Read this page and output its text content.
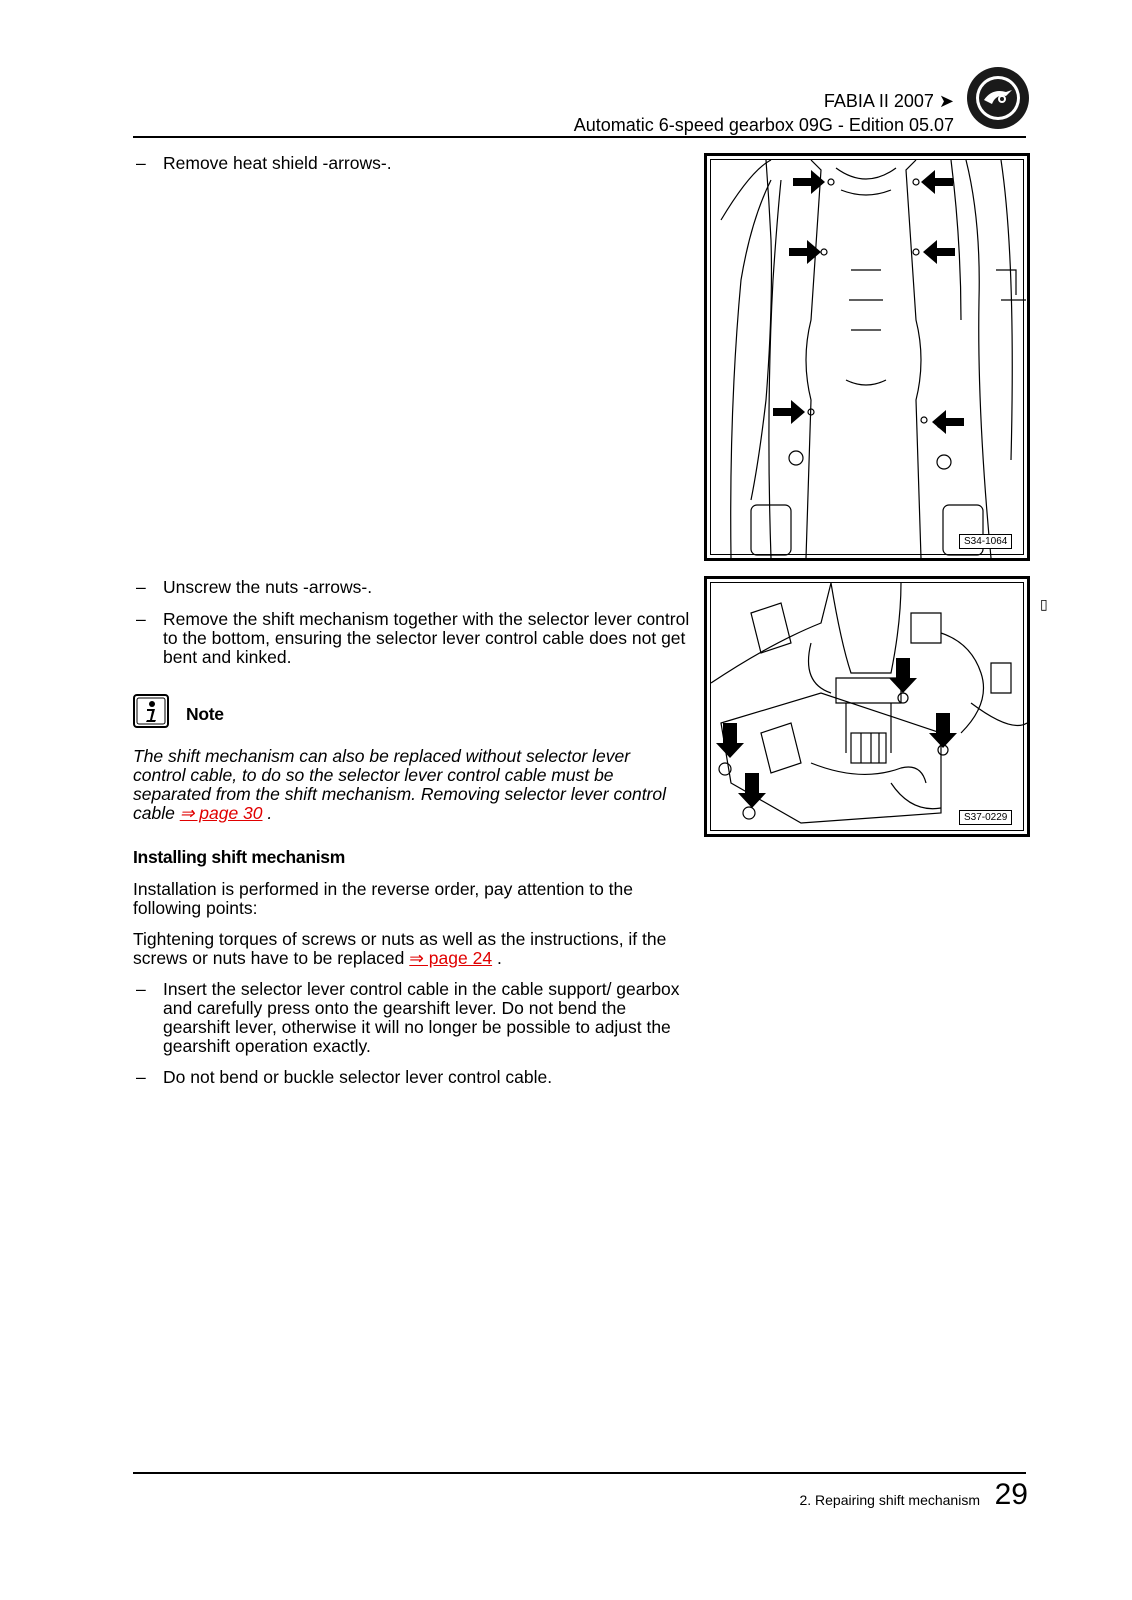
FABIA II 2007 ➤
Automatic 6-speed gearbox 09G - Edition 05.07
– Remove heat shield -arrows-.
S34-1064
– Unscrew the nuts -arrows-.
– Remove the shift mechanism together with the selector lever control to the bottom, ensuring the selector lever control cable does not get bent and kinked.
S37-0229
▯
Note
The shift mechanism can also be replaced without selector lever control cable, to do so the selector lever control cable must be separated from the shift mechanism. Removing selector lever control cable ⇒ page 30 .
Installing shift mechanism
Installation is performed in the reverse order, pay attention to the following points:
Tightening torques of screws or nuts as well as the instructions, if the screws or nuts have to be replaced ⇒ page 24 .
– Insert the selector lever control cable in the cable support/ gearbox and carefully press onto the gearshift lever. Do not bend the gearshift lever, otherwise it will no longer be possible to adjust the gearshift operation exactly.
– Do not bend or buckle selector lever control cable.
2. Repairing shift mechanism 29
